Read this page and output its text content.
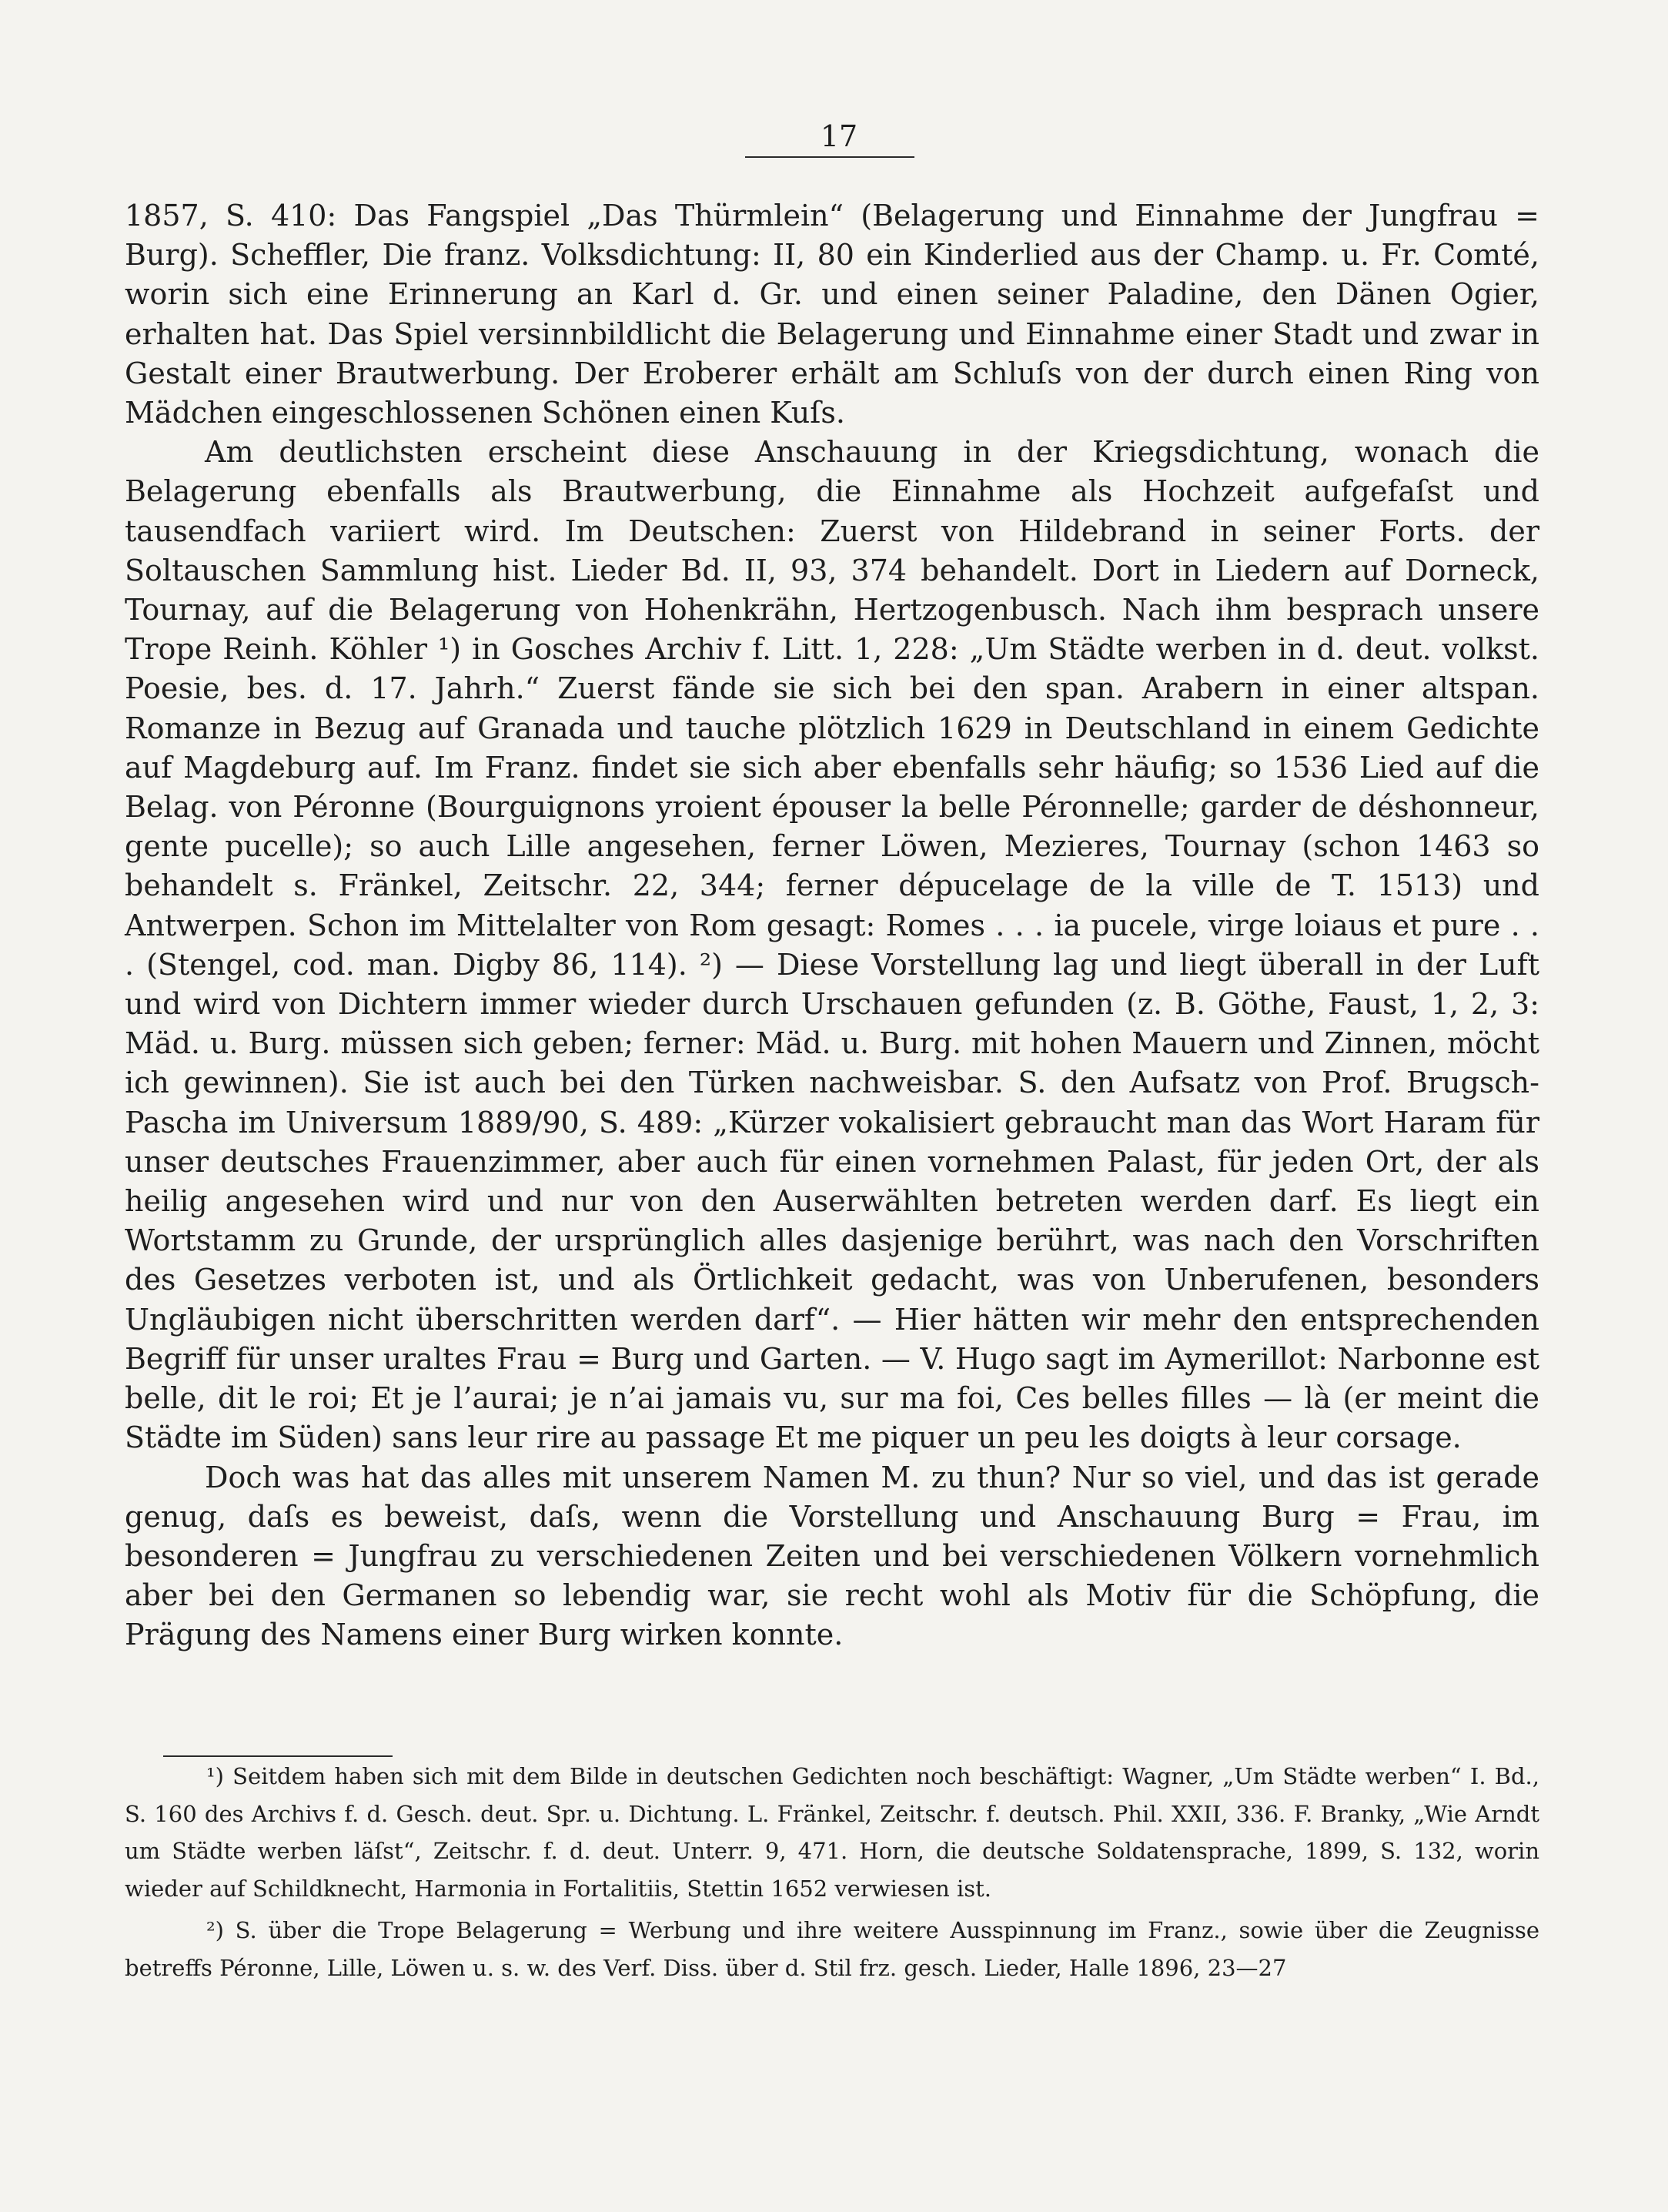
17

1857, S. 410: Das Fangspiel „Das Thürmlein“ (Belagerung und Einnahme der Jungfrau = Burg). Scheffler, Die franz. Volksdichtung: II, 80 ein Kinderlied aus der Champ. u. Fr. Comté, worin sich eine Erinnerung an Karl d. Gr. und einen seiner Paladine, den Dänen Ogier, erhalten hat. Das Spiel versinnbildlicht die Belagerung und Einnahme einer Stadt und zwar in Gestalt einer Brautwerbung. Der Eroberer erhält am Schluſs von der durch einen Ring von Mädchen eingeschlossenen Schönen einen Kuſs.

Am deutlichsten erscheint diese Anschauung in der Kriegsdichtung, wonach die Belagerung ebenfalls als Brautwerbung, die Einnahme als Hochzeit aufgefaſst und tausendfach variiert wird. Im Deutschen: Zuerst von Hildebrand in seiner Forts. der Soltauschen Sammlung hist. Lieder Bd. II, 93, 374 behandelt. Dort in Liedern auf Dorneck, Tournay, auf die Belagerung von Hohenkrähn, Hertzogenbusch. Nach ihm besprach unsere Trope Reinh. Köhler ¹) in Gosches Archiv f. Litt. 1, 228: „Um Städte werben in d. deut. volkst. Poesie, bes. d. 17. Jahrh.“ Zuerst fände sie sich bei den span. Arabern in einer altspan. Romanze in Bezug auf Granada und tauche plötzlich 1629 in Deutschland in einem Gedichte auf Magdeburg auf. Im Franz. findet sie sich aber ebenfalls sehr häufig; so 1536 Lied auf die Belag. von Péronne (Bourguignons yroient épouser la belle Péronnelle; garder de déshonneur, gente pucelle); so auch Lille angesehen, ferner Löwen, Mezieres, Tournay (schon 1463 so behandelt s. Fränkel, Zeitschr. 22, 344; ferner dépucelage de la ville de T. 1513) und Antwerpen. Schon im Mittelalter von Rom gesagt: Romes . . . ia pucele, virge loiaus et pure . . . (Stengel, cod. man. Digby 86, 114). ²) — Diese Vorstellung lag und liegt überall in der Luft und wird von Dichtern immer wieder durch Urschauen gefunden (z. B. Göthe, Faust, 1, 2, 3: Mäd. u. Burg. müssen sich geben; ferner: Mäd. u. Burg. mit hohen Mauern und Zinnen, möcht ich gewinnen). Sie ist auch bei den Türken nachweisbar. S. den Aufsatz von Prof. Brugsch-Pascha im Universum 1889/90, S. 489: „Kürzer vokalisiert gebraucht man das Wort Haram für unser deutsches Frauenzimmer, aber auch für einen vornehmen Palast, für jeden Ort, der als heilig angesehen wird und nur von den Auserwählten betreten werden darf. Es liegt ein Wortstamm zu Grunde, der ursprünglich alles dasjenige berührt, was nach den Vorschriften des Gesetzes verboten ist, und als Örtlichkeit gedacht, was von Unberufenen, besonders Ungläubigen nicht überschritten werden darf“. — Hier hätten wir mehr den entsprechenden Begriff für unser uraltes Frau = Burg und Garten. — V. Hugo sagt im Aymerillot: Narbonne est belle, dit le roi; Et je l’aurai; je n’ai jamais vu, sur ma foi, Ces belles filles — là (er meint die Städte im Süden) sans leur rire au passage Et me piquer un peu les doigts à leur corsage.

Doch was hat das alles mit unserem Namen M. zu thun? Nur so viel, und das ist gerade genug, daſs es beweist, daſs, wenn die Vorstellung und Anschauung Burg = Frau, im besonderen = Jungfrau zu verschiedenen Zeiten und bei verschiedenen Völkern vornehmlich aber bei den Germanen so lebendig war, sie recht wohl als Motiv für die Schöpfung, die Prägung des Namens einer Burg wirken konnte.

¹) Seitdem haben sich mit dem Bilde in deutschen Gedichten noch beschäftigt: Wagner, „Um Städte werben“ I. Bd., S. 160 des Archivs f. d. Gesch. deut. Spr. u. Dichtung. L. Fränkel, Zeitschr. f. deutsch. Phil. XXII, 336. F. Branky, „Wie Arndt um Städte werben läſst“, Zeitschr. f. d. deut. Unterr. 9, 471. Horn, die deutsche Soldatensprache, 1899, S. 132, worin wieder auf Schildknecht, Harmonia in Fortalitiis, Stettin 1652 verwiesen ist.

²) S. über die Trope Belagerung = Werbung und ihre weitere Ausspinnung im Franz., sowie über die Zeugnisse betreffs Péronne, Lille, Löwen u. s. w. des Verf. Diss. über d. Stil frz. gesch. Lieder, Halle 1896, 23—27
